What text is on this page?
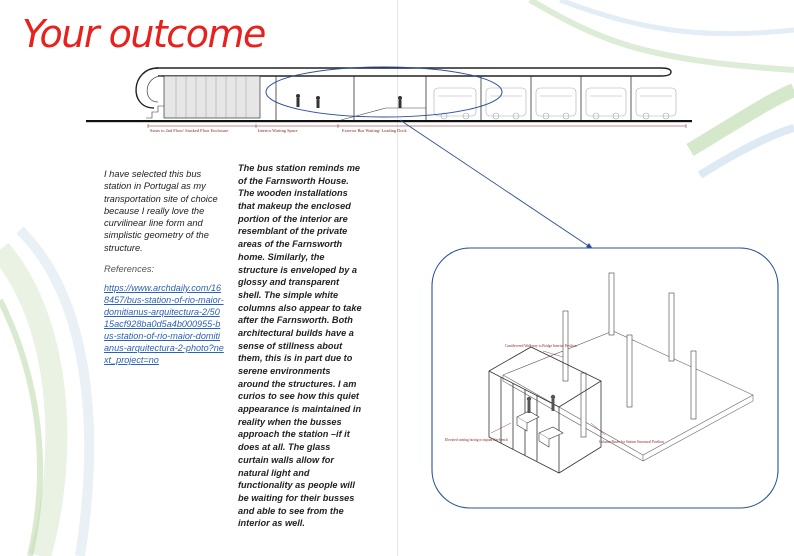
Your outcome
Stairs to 2nd Floor/ Stacked Floor Enclosure	Interior Waiting Space	Exterior Bus Waiting/ Loading Dock
I have selected this bus station in Portugal as my transportation site of choice because I really love the curvilinear line form and simplistic geometry of the structure.
References:
https://www.archdaily.com/168457/bus-station-of-rio-maior-domitianus-arquitectura-2/5015acf928ba0d5a4b000955-bus-station-of-rio-maior-domitianus-arquitectura-2-photo?next_project=no
The bus station reminds me of the Farnsworth House. The wooden installations that makeup the enclosed portion of the interior are resemblant of the private areas of the Farnsworth home. Similarly, the structure is enveloped by a glossy and transparent shell. The simple white columns also appear to take after the Farnsworth. Both architectural builds have a sense of stillness about them, this is in part due to serene environments around the structures. I am curios to see how this quiet appearance is maintained in reality when the busses approach the station –if it does at all. The glass curtain walls allow for natural light and functionality as people will be waiting for their busses and able to see from the interior as well.
Cantilevered Walkway to Bridge Interior Pavilion
Elevated seating facing occupant flat-bench	Column Bases for Station Structural Pavilion
